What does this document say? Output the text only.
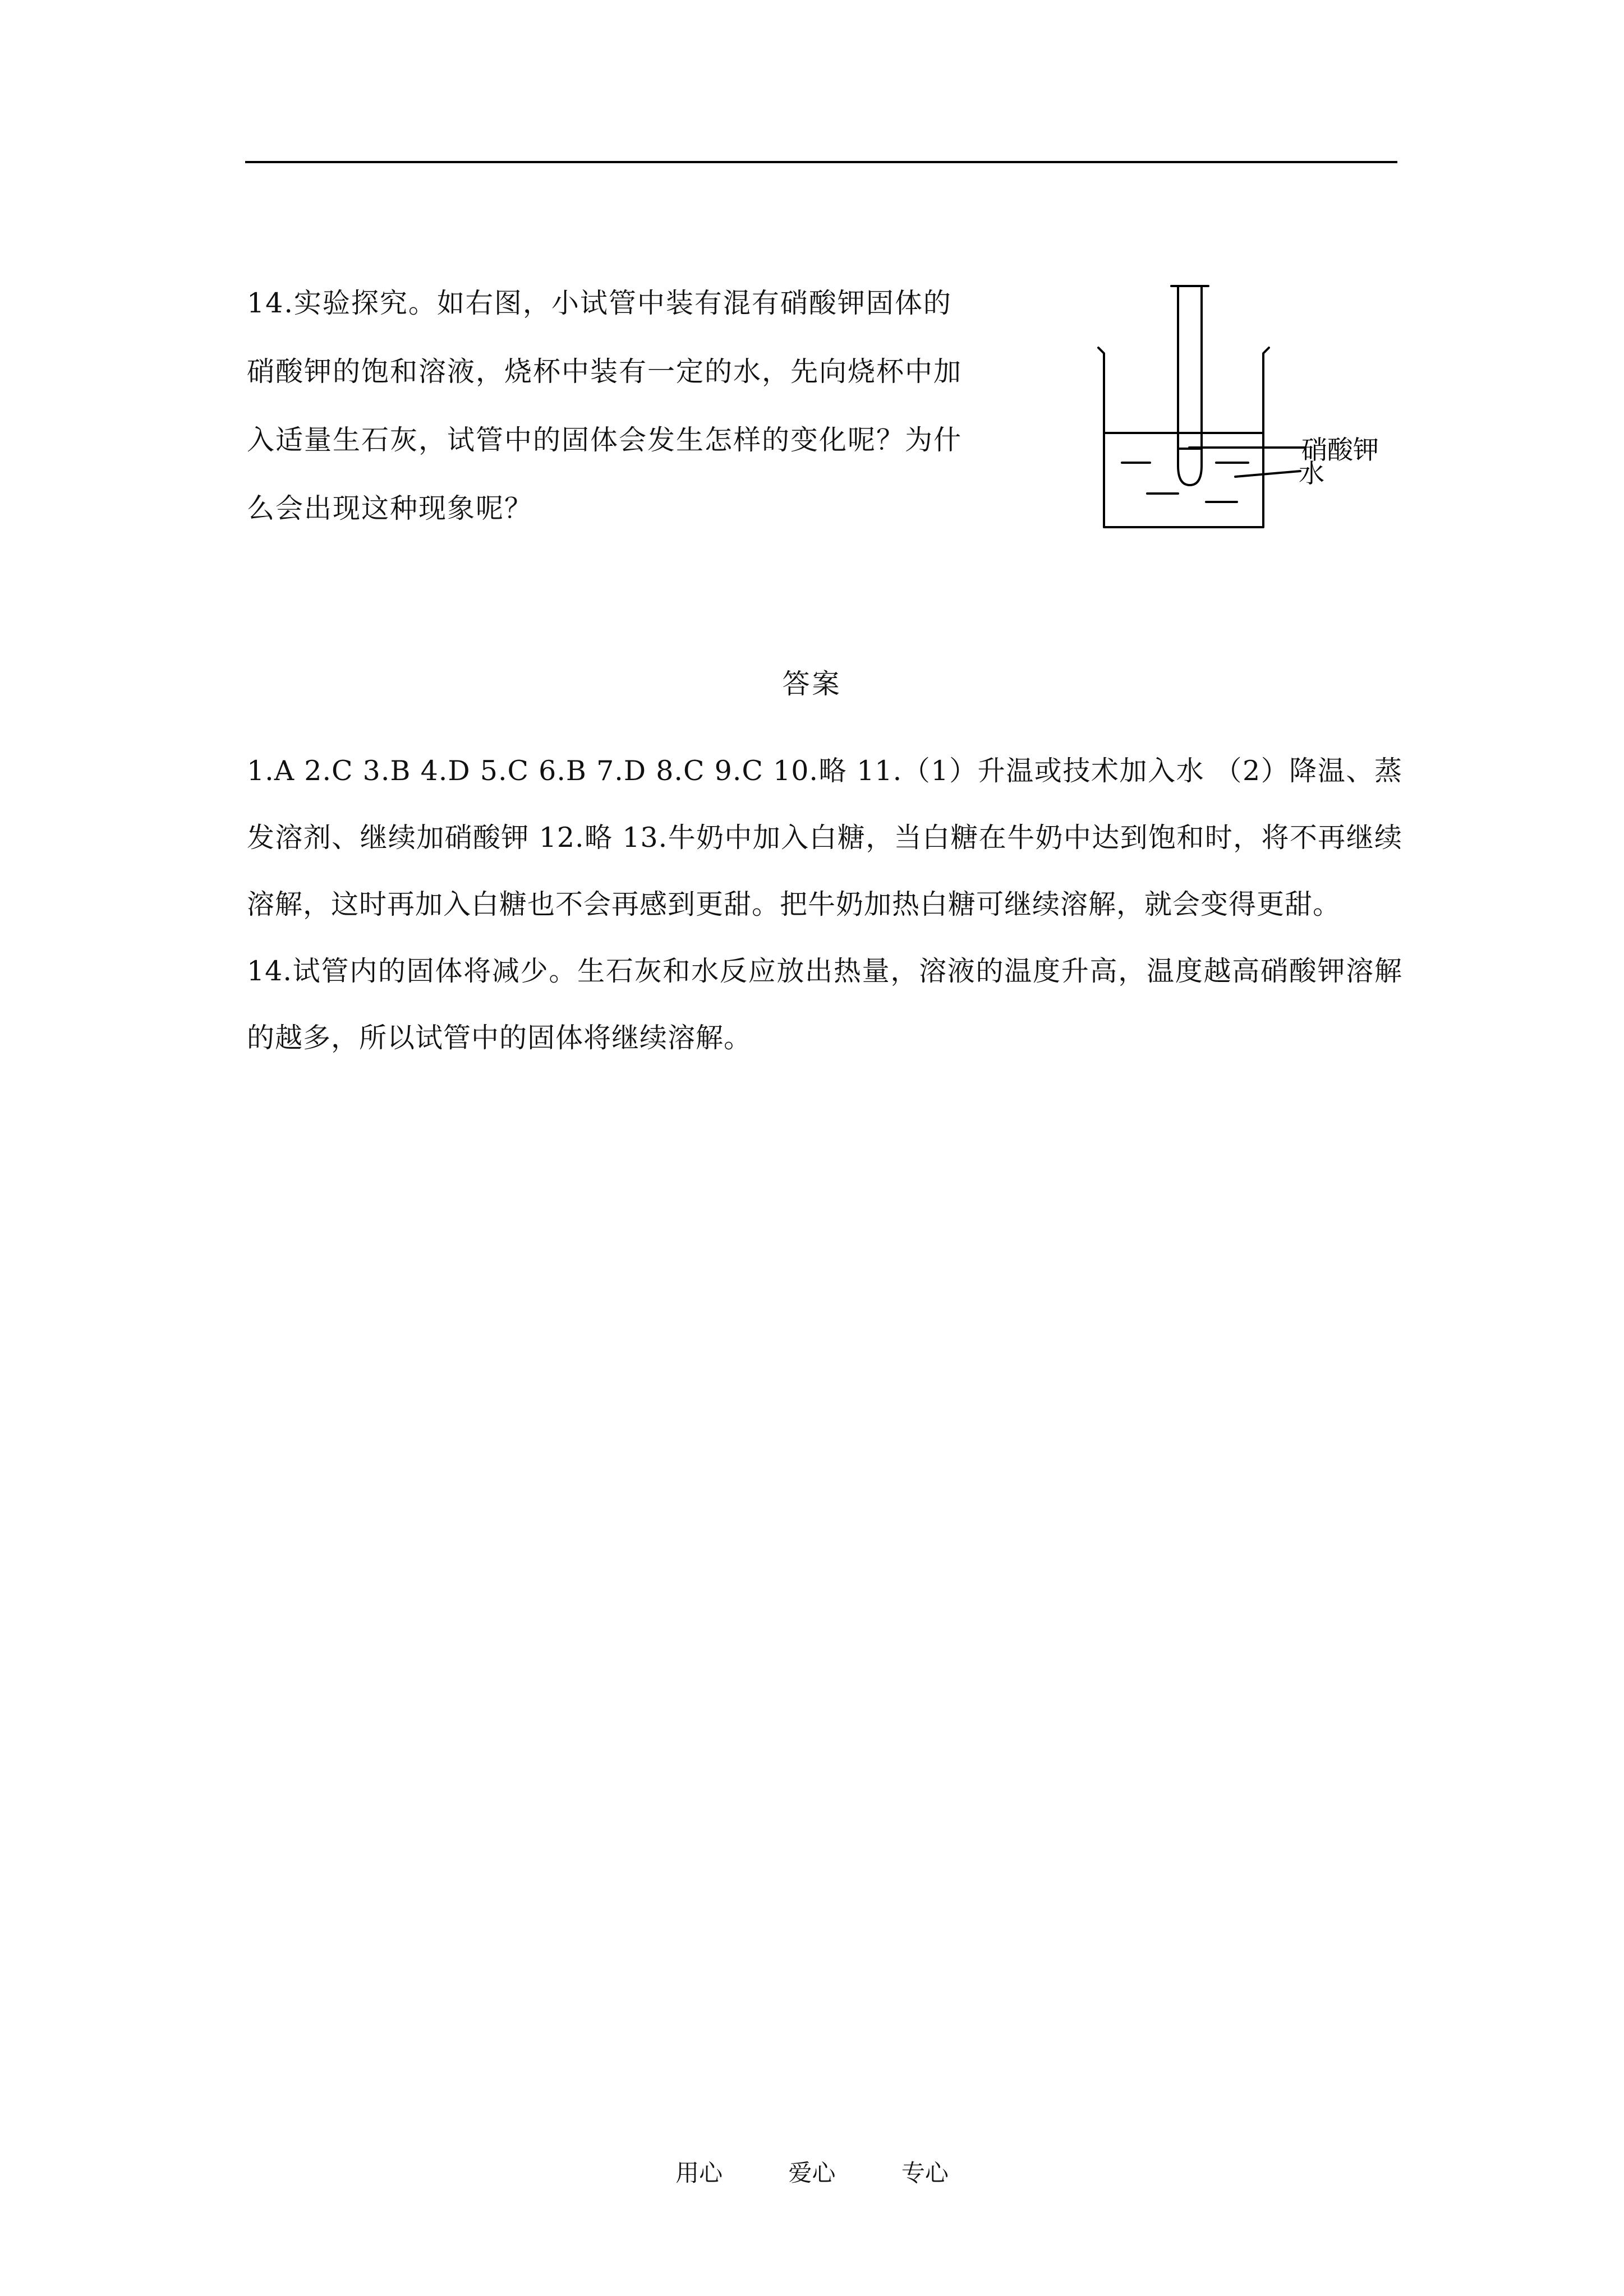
14.实验探究。如右图，小试管中装有混有硝酸钾固体的硝酸钾的饱和溶液，烧杯中装有一定的水，先向烧杯中加入适量生石灰，试管中的固体会发生怎样的变化呢？为什么会出现这种现象呢？
硝酸钾
水
答案

1.A 2.C 3.B 4.D 5.C 6.B 7.D 8.C 9.C 10.略 11.（1）升温或技术加入水 （2）降温、蒸发溶剂、继续加硝酸钾 12.略 13.牛奶中加入白糖，当白糖在牛奶中达到饱和时，将不再继续溶解，这时再加入白糖也不会再感到更甜。把牛奶加热白糖可继续溶解，就会变得更甜。

14.试管内的固体将减少。生石灰和水反应放出热量，溶液的温度升高，温度越高硝酸钾溶解的越多，所以试管中的固体将继续溶解。

用心	爱心	专心
